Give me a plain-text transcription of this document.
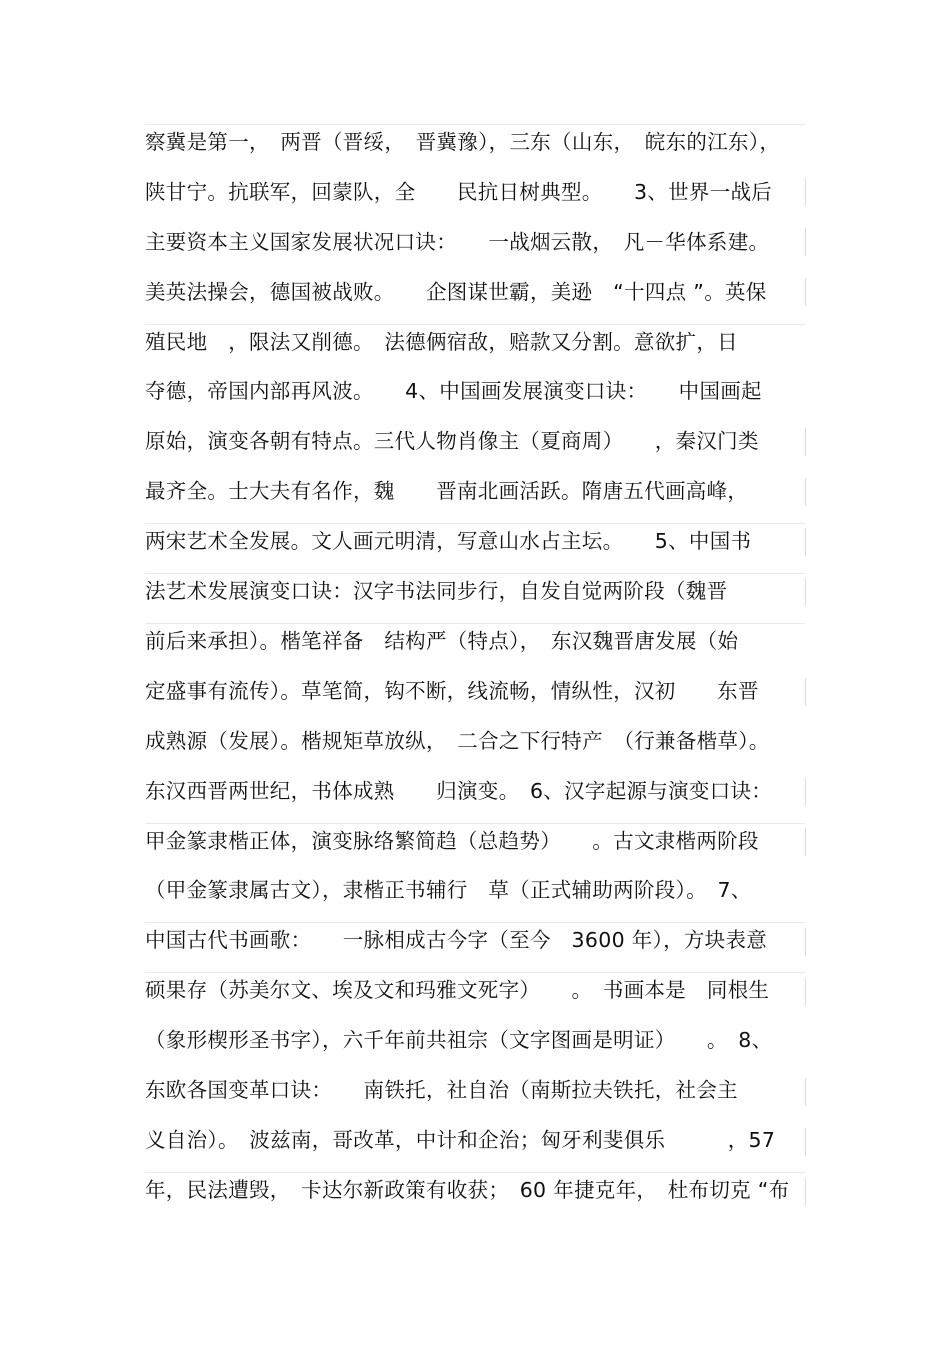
察冀是第一，　两晋（晋绥，　晋冀豫），三东（山东，　皖东的江东），
陕甘宁。抗联军，回蒙队，全　　民抗日树典型。　　3、世界一战后
主要资本主义国家发展状况口诀：　　一战烟云散，　凡－华体系建。
美英法操会，德国被战败。　　企图谋世霸，美逊　“十四点 ”。英保
殖民地　，限法又削德。　法德俩宿敌，赔款又分割。意欲扩，日
夺德，帝国内部再风波。　　4、中国画发展演变口诀：　　中国画起
原始，演变各朝有特点。三代人物肖像主（夏商周）　　，秦汉门类
最齐全。士大夫有名作，魏　　晋南北画活跃。隋唐五代画高峰，
两宋艺术全发展。文人画元明清，写意山水占主坛。　　5、中国书
法艺术发展演变口诀：汉字书法同步行，自发自觉两阶段（魏晋
前后来承担）。楷笔祥备　结构严（特点），　东汉魏晋唐发展（始
定盛事有流传）。草笔简，钩不断，线流畅，情纵性，汉初　　东晋
成熟源（发展）。楷规矩草放纵，　二合之下行特产　（行兼备楷草）。
东汉西晋两世纪，书体成熟　　归演变。　6、汉字起源与演变口诀：
甲金篆隶楷正体，演变脉络繁简趋（总趋势）　　。古文隶楷两阶段
（甲金篆隶属古文），隶楷正书辅行　草（正式辅助两阶段）。　7、
中国古代书画歌：　　一脉相成古今字（至今　3600 年），方块表意
硕果存（苏美尔文、埃及文和玛雅文死字）　　。　书画本是　同根生
（象形楔形圣书字），六千年前共祖宗（文字图画是明证）　　。　8、
东欧各国变革口诀：　　南铁托，社自治（南斯拉夫铁托，社会主
义自治）。　波兹南，哥改革，中计和企治；匈牙利斐俱乐　　　，57
年，民法遭毁，　卡达尔新政策有收获；　60 年捷克年，　杜布切克 “布
